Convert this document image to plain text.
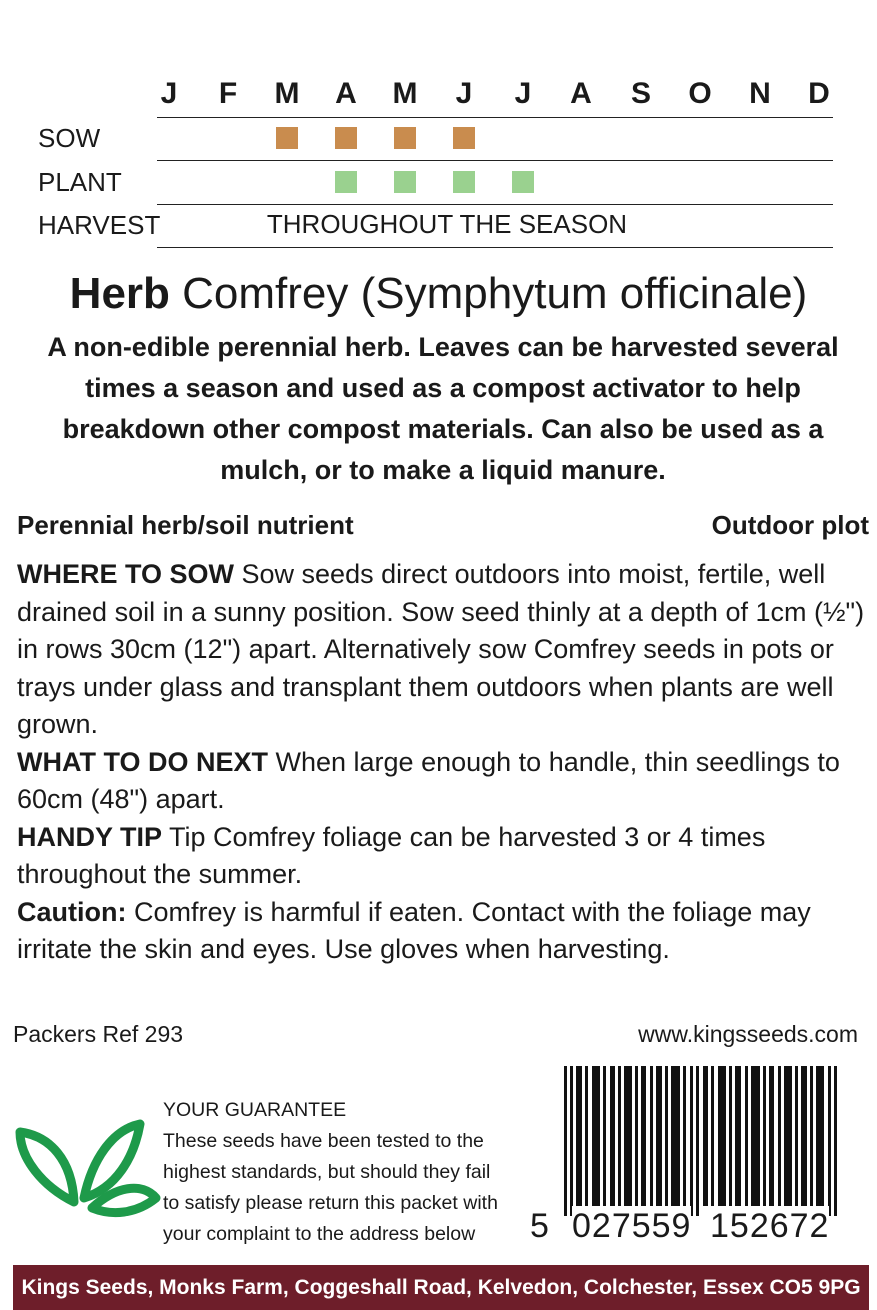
J	F	M	A	M	J	J	A	S	O	N	D
SOW
PLANT
HARVEST	THROUGHOUT THE SEASON
Herb Comfrey (Symphytum officinale)
A non-edible perennial herb. Leaves can be harvested several times a season and used as a compost activator to help breakdown other compost materials. Can also be used as a mulch, or to make a liquid manure.
Perennial herb/soil nutrient	Outdoor plot

WHERE TO SOW Sow seeds direct outdoors into moist, fertile, well drained soil in a sunny position. Sow seed thinly at a depth of 1cm (½") in rows 30cm (12") apart. Alternatively sow Comfrey seeds in pots or trays under glass and transplant them outdoors when plants are well grown.

WHAT TO DO NEXT When large enough to handle, thin seedlings to 60cm (48") apart.

HANDY TIP Tip Comfrey foliage can be harvested 3 or 4 times throughout the summer.

Caution: Comfrey is harmful if eaten. Contact with the foliage may irritate the skin and eyes. Use gloves when harvesting.

Packers Ref 293	www.kingsseeds.com
YOUR GUARANTEE
These seeds have been tested to the
highest standards, but should they fail
to satisfy please return this packet with
your complaint to the address below	5 027559 152672
Kings Seeds, Monks Farm, Coggeshall Road, Kelvedon, Colchester, Essex CO5 9PG
